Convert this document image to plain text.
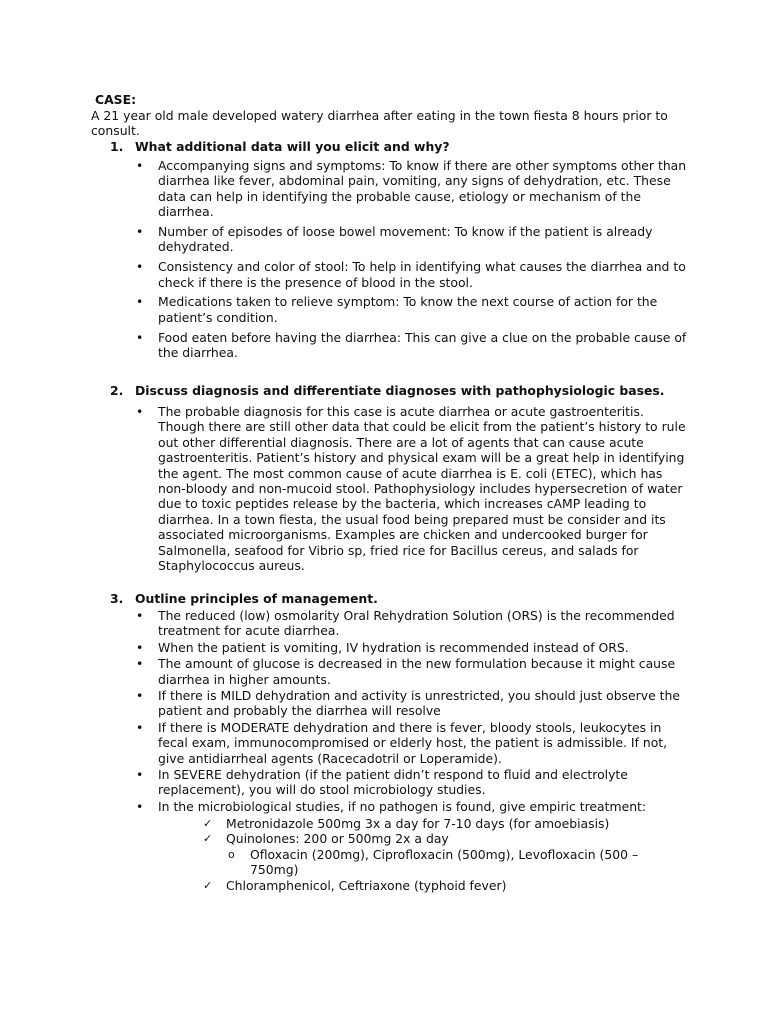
CASE:
A 21 year old male developed watery diarrhea after eating in the town fiesta 8 hours prior to consult.
1. What additional data will you elicit and why?
• Accompanying signs and symptoms: To know if there are other symptoms other than diarrhea like fever, abdominal pain, vomiting, any signs of dehydration, etc. These data can help in identifying the probable cause, etiology or mechanism of the diarrhea.
• Number of episodes of loose bowel movement: To know if the patient is already dehydrated.
• Consistency and color of stool: To help in identifying what causes the diarrhea and to check if there is the presence of blood in the stool.
• Medications taken to relieve symptom: To know the next course of action for the patient’s condition.
• Food eaten before having the diarrhea: This can give a clue on the probable cause of the diarrhea.
2. Discuss diagnosis and differentiate diagnoses with pathophysiologic bases.
• The probable diagnosis for this case is acute diarrhea or acute gastroenteritis. Though there are still other data that could be elicit from the patient’s history to rule out other differential diagnosis. There are a lot of agents that can cause acute gastroenteritis. Patient’s history and physical exam will be a great help in identifying the agent. The most common cause of acute diarrhea is E. coli (ETEC), which has non-bloody and non-mucoid stool. Pathophysiology includes hypersecretion of water due to toxic peptides release by the bacteria, which increases cAMP leading to diarrhea. In a town fiesta, the usual food being prepared must be consider and its associated microorganisms. Examples are chicken and undercooked burger for Salmonella, seafood for Vibrio sp, fried rice for Bacillus cereus, and salads for Staphylococcus aureus.
3. Outline principles of management.
• The reduced (low) osmolarity Oral Rehydration Solution (ORS) is the recommended treatment for acute diarrhea.
• When the patient is vomiting, IV hydration is recommended instead of ORS.
• The amount of glucose is decreased in the new formulation because it might cause diarrhea in higher amounts.
• If there is MILD dehydration and activity is unrestricted, you should just observe the patient and probably the diarrhea will resolve
• If there is MODERATE dehydration and there is fever, bloody stools, leukocytes in fecal exam, immunocompromised or elderly host, the patient is admissible. If not, give antidiarrheal agents (Racecadotril or Loperamide).
• In SEVERE dehydration (if the patient didn’t respond to fluid and electrolyte replacement), you will do stool microbiology studies.
• In the microbiological studies, if no pathogen is found, give empiric treatment:
✓ Metronidazole 500mg 3x a day for 7-10 days (for amoebiasis)
✓ Quinolones: 200 or 500mg 2x a day
o Ofloxacin (200mg), Ciprofloxacin (500mg), Levofloxacin (500 – 750mg)
✓ Chloramphenicol, Ceftriaxone (typhoid fever)
